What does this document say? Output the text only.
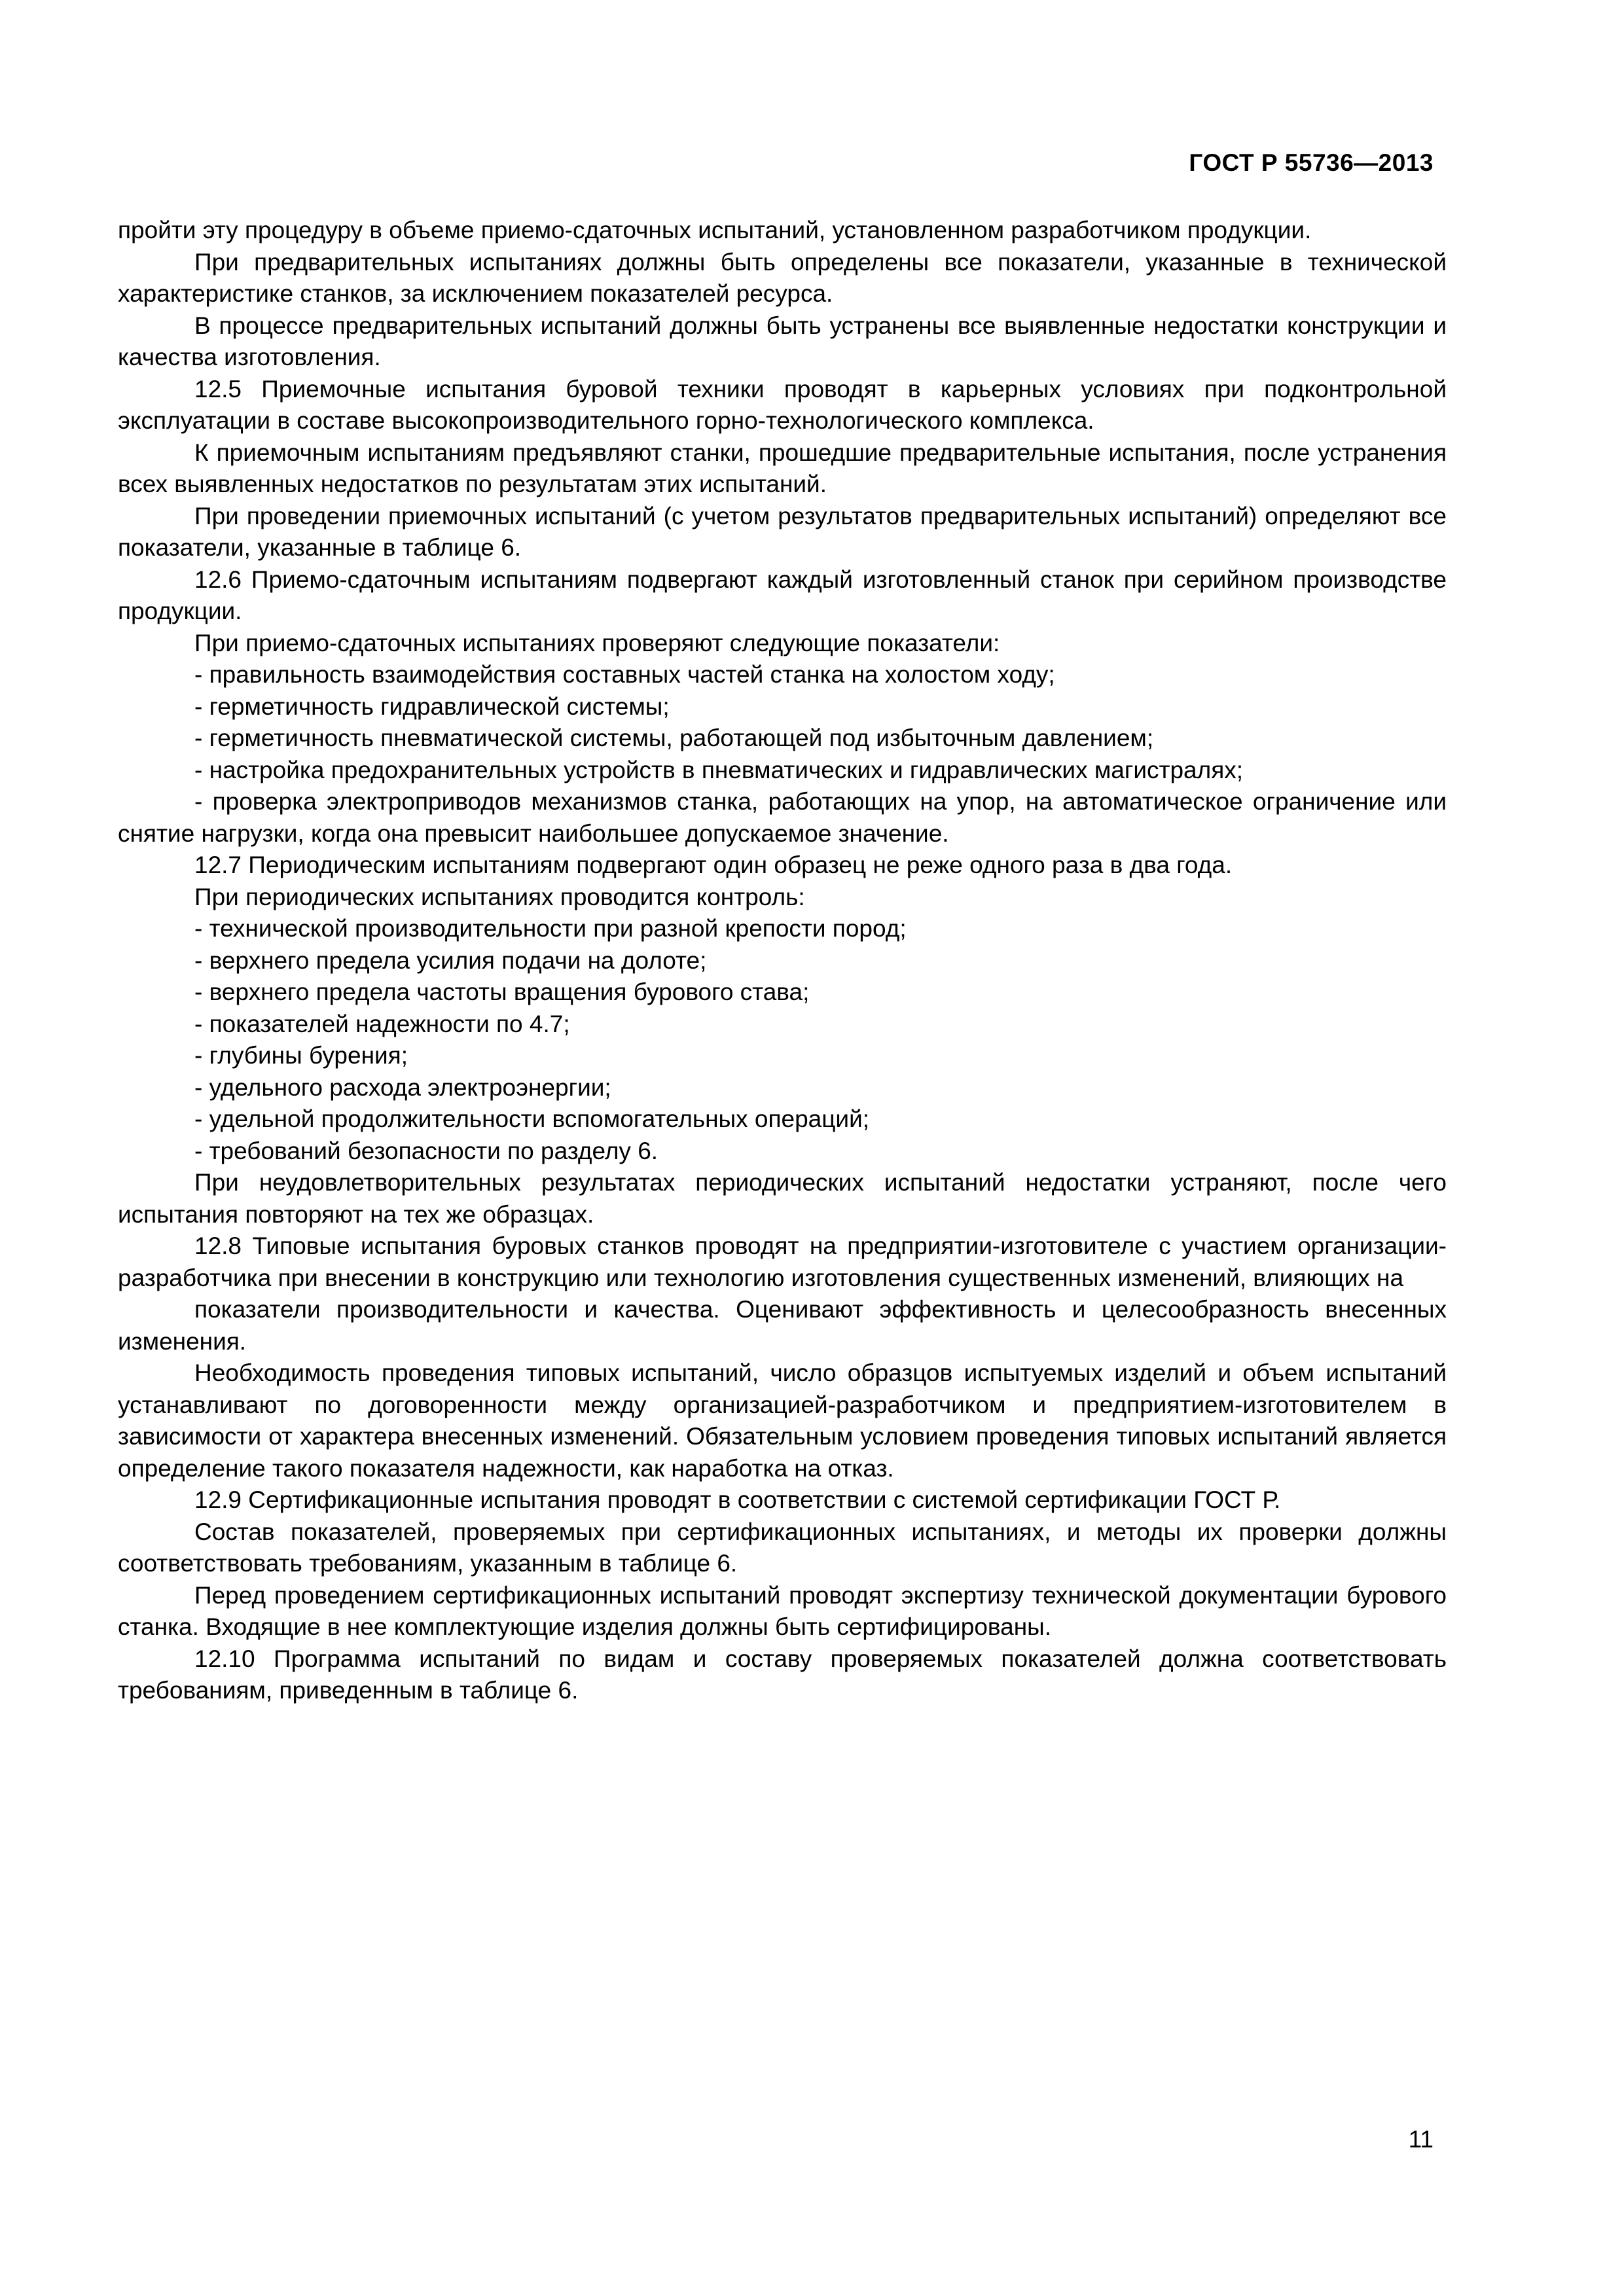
ГОСТ Р 55736—2013

пройти эту процедуру в объеме приемо-сдаточных испытаний, установленном разработчиком продукции.

При предварительных испытаниях должны быть определены все показатели, указанные в технической характеристике станков, за исключением показателей ресурса.

В процессе предварительных испытаний должны быть устранены все выявленные недостатки конструкции и качества изготовления.

12.5 Приемочные испытания буровой техники проводят в карьерных условиях при подконтрольной эксплуатации в составе высокопроизводительного горно-технологического комплекса.

К приемочным испытаниям предъявляют станки, прошедшие предварительные испытания, после устранения всех выявленных недостатков по результатам этих испытаний.

При проведении приемочных испытаний (с учетом результатов предварительных испытаний) определяют все показатели, указанные в таблице 6.

12.6 Приемо-сдаточным испытаниям подвергают каждый изготовленный станок при серийном производстве продукции.

При приемо-сдаточных испытаниях проверяют следующие показатели:

- правильность взаимодействия составных частей станка на холостом ходу;

- герметичность гидравлической системы;

- герметичность пневматической системы, работающей под избыточным давлением;

- настройка предохранительных устройств в пневматических и гидравлических магистралях;

- проверка электроприводов механизмов станка, работающих на упор, на автоматическое ограничение или снятие нагрузки, когда она превысит наибольшее допускаемое значение.

12.7 Периодическим испытаниям подвергают один образец не реже одного раза в два года.

При периодических испытаниях проводится контроль:

- технической производительности при разной крепости пород;

- верхнего предела усилия подачи на долоте;

- верхнего предела частоты вращения бурового става;

- показателей надежности по 4.7;

- глубины бурения;

- удельного расхода электроэнергии;

- удельной продолжительности вспомогательных операций;

- требований безопасности по разделу 6.

При неудовлетворительных результатах периодических испытаний недостатки устраняют, после чего испытания повторяют на тех же образцах.

12.8 Типовые испытания буровых станков проводят на предприятии-изготовителе с участием организации-разработчика при внесении в конструкцию или технологию изготовления существенных изменений, влияющих на

показатели производительности и качества. Оценивают эффективность и целесообразность внесенных изменения.

Необходимость проведения типовых испытаний, число образцов испытуемых изделий и объем испытаний устанавливают по договоренности между организацией-разработчиком и предприятием-изготовителем в зависимости от характера внесенных изменений. Обязательным условием проведения типовых испытаний является определение такого показателя надежности, как наработка на отказ.

12.9 Сертификационные испытания проводят в соответствии с системой сертификации ГОСТ Р.

Состав показателей, проверяемых при сертификационных испытаниях, и методы их проверки должны соответствовать требованиям, указанным в таблице 6.

Перед проведением сертификационных испытаний проводят экспертизу технической документации бурового станка. Входящие в нее комплектующие изделия должны быть сертифицированы.

12.10 Программа испытаний по видам и составу проверяемых показателей должна соответствовать требованиям, приведенным в таблице 6.

11
